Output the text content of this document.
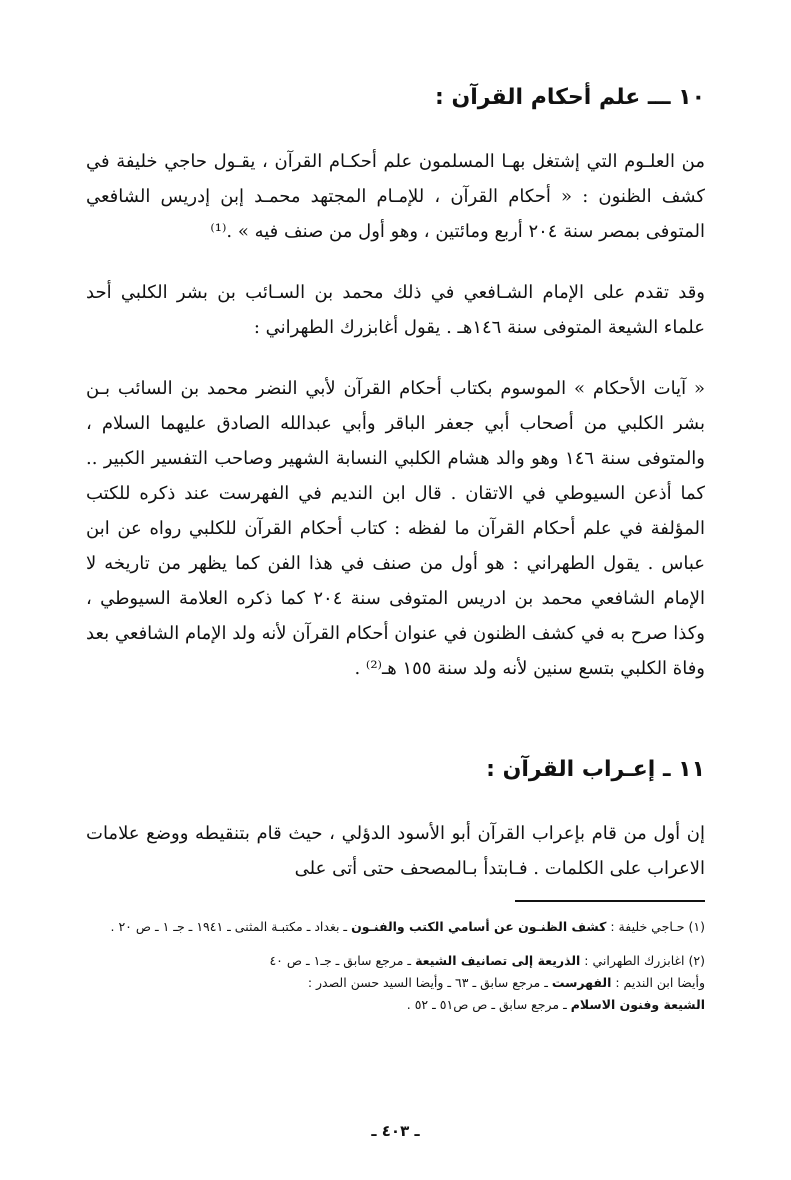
١٠ ـــ علم أحكام القرآن :

من العلـوم التي إشتغل بهـا المسلمون علم أحكـام القرآن ، يقـول حاجي خليفة في كشف الظنون : « أحكام القرآن ، للإمـام المجتهد محمـد إبن إدريس الشافعي المتوفى بمصر سنة ٢٠٤ أربع ومائتين ، وهو أول من صنف فيه » .⁽¹⁾

وقد تقدم على الإمام الشـافعي في ذلك محمد بن السـائب بن بشر الكلبي أحد علماء الشيعة المتوفى سنة ١٤٦هـ . يقول أغابزرك الطهراني :

« آيات الأحكام » الموسوم بكتاب أحكام القرآن لأبي النضر محمد بن السائب بـن بشر الكلبي من أصحاب أبي جعفر الباقر وأبي عبدالله الصادق عليهما السلام ، والمتوفى سنة ١٤٦ وهو والد هشام الكلبي النسابة الشهير وصاحب التفسير الكبير .. كما أذعن السيوطي في الاتقان . قال ابن النديم في الفهرست عند ذكره للكتب المؤلفة في علم أحكام القرآن ما لفظه : كتاب أحكام القرآن للكلبي رواه عن ابن عباس . يقول الطهراني : هو أول من صنف في هذا الفن كما يظهر من تاريخه لا الإمام الشافعي محمد بن ادريس المتوفى سنة ٢٠٤ كما ذكره العلامة السيوطي ، وكذا صرح به في كشف الظنون في عنوان أحكام القرآن لأنه ولد الإمام الشافعي بعد وفاة الكلبي بتسع سنين لأنه ولد سنة ١٥٥ هـ⁽²⁾ .

١١ ـ إعـراب القرآن :

إن أول من قام بإعراب القرآن أبو الأسود الدؤلي ، حيث قام بتنقيطه ووضع علامات الاعراب على الكلمات . فـابتدأ بـالمصحف حتى أتى على

(١) حـاجي خليفة : كشف الظنـون عن أسامي الكتب والفنـون ـ بغداد ـ مكتبـة المثنى ـ ١٩٤١ ـ جـ ١ ـ ص ٢٠ .
(٢) اغابزرك الطهراني : الذريعة إلى تصانيف الشيعة ـ مرجع سابق ـ جـ١ ـ ص ٤٠
وأيضا ابن النديم : الفهرست ـ مرجع سابق ـ ٦٣ ـ وأيضا السيد حسن الصدر :
الشيعة وفنون الاسلام ـ مرجع سابق ـ ص ص٥١ ـ ٥٢ .
ـ ٤٠٣ ـ
